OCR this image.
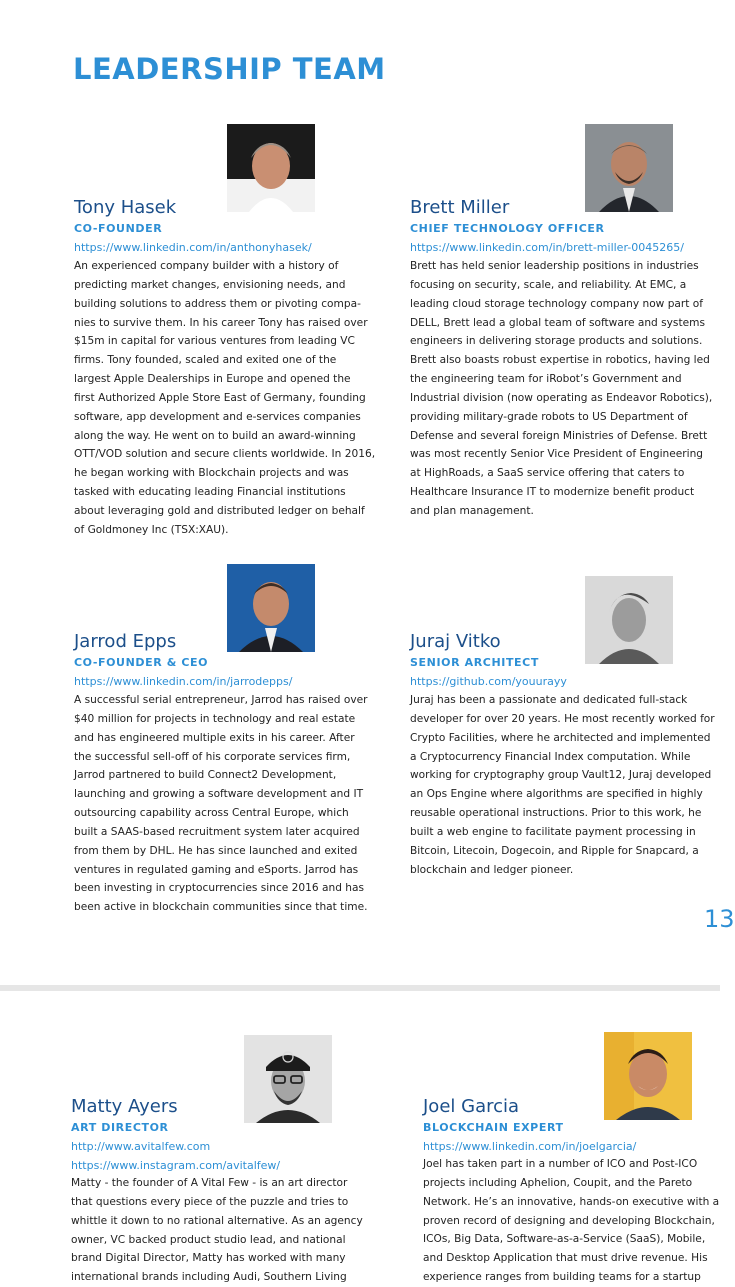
LEADERSHIP TEAM
Tony Hasek
CO-FOUNDER
https://www.linkedin.com/in/anthonyhasek/
An experienced company builder with a history of
predicting market changes, envisioning needs, and
building solutions to address them or pivoting compa-
nies to survive them. In his career Tony has raised over
$15m in capital for various ventures from leading VC
firms. Tony founded, scaled and exited one of the
largest Apple Dealerships in Europe and opened the
first Authorized Apple Store East of Germany, founding
software, app development and e-services companies
along the way. He went on to build an award-winning
OTT/VOD solution and secure clients worldwide. In 2016,
he began working with Blockchain projects and was
tasked with educating leading Financial institutions
about leveraging gold and distributed ledger on behalf
of Goldmoney Inc (TSX:XAU).
Brett Miller
CHIEF TECHNOLOGY OFFICER
https://www.linkedin.com/in/brett-miller-0045265/
Brett has held senior leadership positions in industries
focusing on security, scale, and reliability. At EMC, a
leading cloud storage technology company now part of
DELL, Brett lead a global team of software and systems
engineers in delivering storage products and solutions.
Brett also boasts robust expertise in robotics, having led
the engineering team for iRobot’s Government and
Industrial division (now operating as Endeavor Robotics),
providing military-grade robots to US Department of
Defense and several foreign Ministries of Defense. Brett
was most recently Senior Vice President of Engineering
at HighRoads, a SaaS service offering that caters to
Healthcare Insurance IT to modernize benefit product
and plan management.
Jarrod Epps
CO-FOUNDER & CEO
https://www.linkedin.com/in/jarrodepps/
A successful serial entrepreneur, Jarrod has raised over
$40 million for projects in technology and real estate
and has engineered multiple exits in his career. After
the successful sell-off of his corporate services firm,
Jarrod partnered to build Connect2 Development,
launching and growing a software development and IT
outsourcing capability across Central Europe, which
built a SAAS-based recruitment system later acquired
from them by DHL. He has since launched and exited
ventures in regulated gaming and eSports. Jarrod has
been investing in cryptocurrencies since 2016 and has
been active in blockchain communities since that time.
Juraj Vitko
SENIOR ARCHITECT
https://github.com/youurayy
Juraj has been a passionate and dedicated full-stack
developer for over 20 years. He most recently worked for
Crypto Facilities, where he architected and implemented
a Cryptocurrency Financial Index computation. While
working for cryptography group Vault12, Juraj developed
an Ops Engine where algorithms are specified in highly
reusable operational instructions. Prior to this work, he
built a web engine to facilitate payment processing in
Bitcoin, Litecoin, Dogecoin, and Ripple for Snapcard, a
blockchain and ledger pioneer.
13
Matty Ayers
ART DIRECTOR
http://www.avitalfew.com
https://www.instagram.com/avitalfew/
Matty - the founder of A Vital Few - is an art director
that questions every piece of the puzzle and tries to
whittle it down to no rational alternative. As an agency
owner, VC backed product studio lead, and national
brand Digital Director, Matty has worked with many
international brands including Audi, Southern Living
Joel Garcia
BLOCKCHAIN EXPERT
https://www.linkedin.com/in/joelgarcia/
Joel has taken part in a number of ICO and Post-ICO
projects including Aphelion, Coupit, and the Pareto
Network. He’s an innovative, hands-on executive with a
proven record of designing and developing Blockchain,
ICOs, Big Data, Software-as-a-Service (SaaS), Mobile,
and Desktop Application that must drive revenue. His
experience ranges from building teams for a startup
